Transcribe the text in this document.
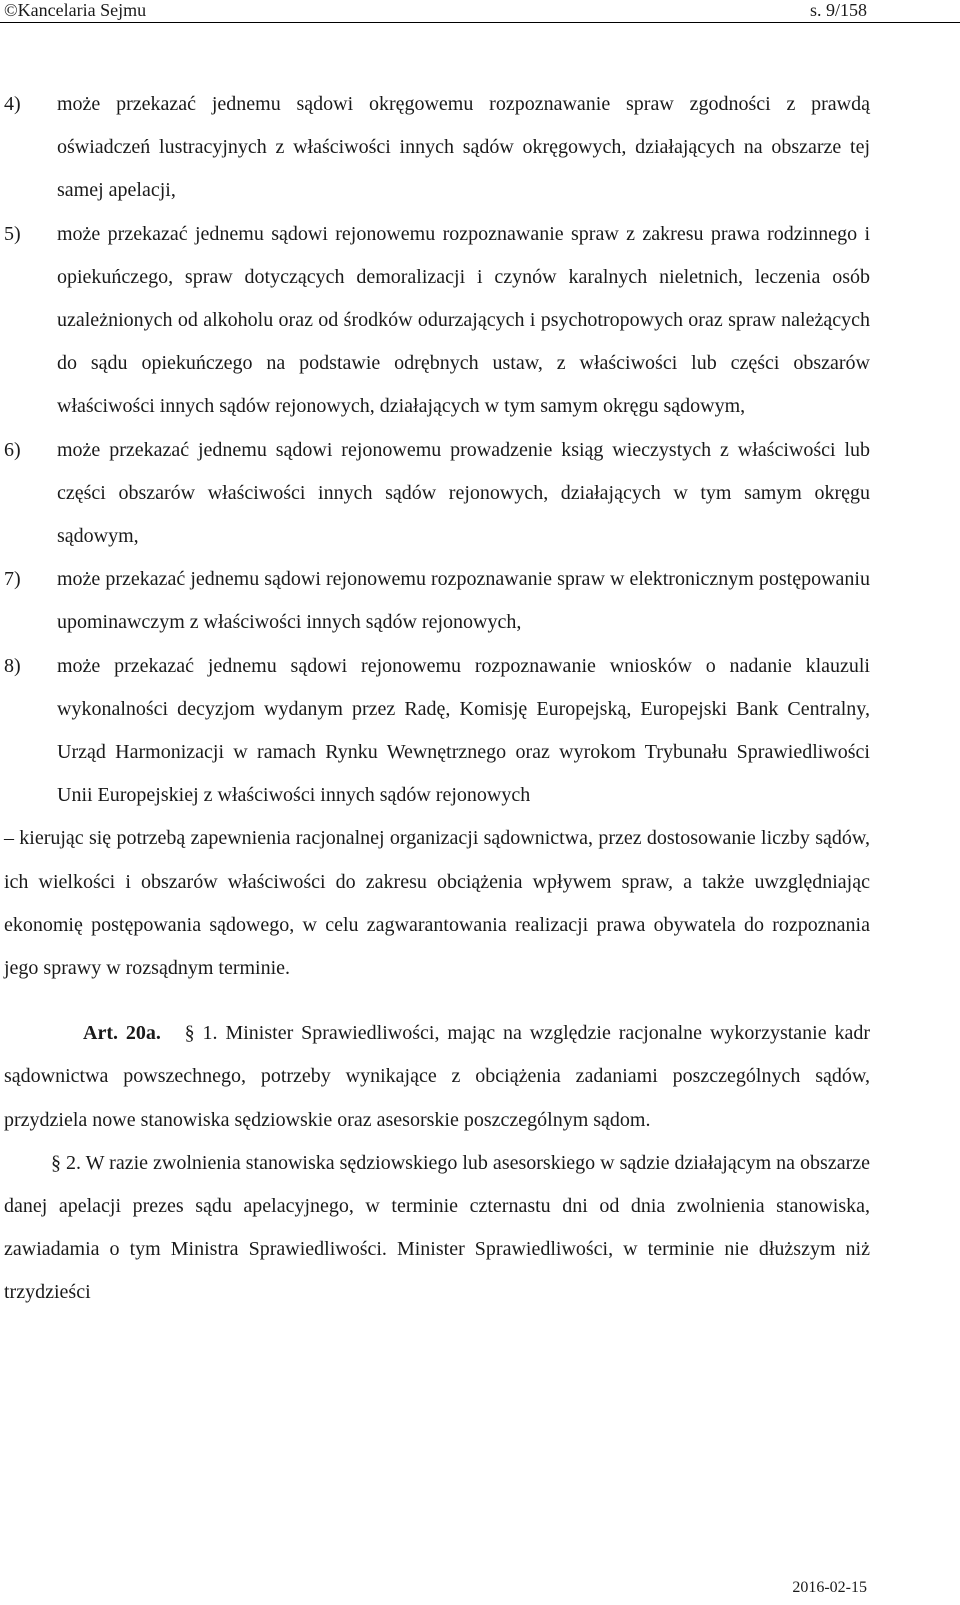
©Kancelaria Sejmu	s. 9/158

4) może przekazać jednemu sądowi okręgowemu rozpoznawanie spraw zgodności z prawdą oświadczeń lustracyjnych z właściwości innych sądów okręgowych, działających na obszarze tej samej apelacji,

5) może przekazać jednemu sądowi rejonowemu rozpoznawanie spraw z zakresu prawa rodzinnego i opiekuńczego, spraw dotyczących demoralizacji i czynów karalnych nieletnich, leczenia osób uzależnionych od alkoholu oraz od środków odurzających i psychotropowych oraz spraw należących do sądu opiekuńczego na podstawie odrębnych ustaw, z właściwości lub części obszarów właściwości innych sądów rejonowych, działających w tym samym okręgu sądowym,

6) może przekazać jednemu sądowi rejonowemu prowadzenie ksiąg wieczystych z właściwości lub części obszarów właściwości innych sądów rejonowych, działających w tym samym okręgu sądowym,

7) może przekazać jednemu sądowi rejonowemu rozpoznawanie spraw w elektronicznym postępowaniu upominawczym z właściwości innych sądów rejonowych,

8) może przekazać jednemu sądowi rejonowemu rozpoznawanie wniosków o nadanie klauzuli wykonalności decyzjom wydanym przez Radę, Komisję Europejską, Europejski Bank Centralny, Urząd Harmonizacji w ramach Rynku Wewnętrznego oraz wyrokom Trybunału Sprawiedliwości Unii Europejskiej z właściwości innych sądów rejonowych

– kierując się potrzebą zapewnienia racjonalnej organizacji sądownictwa, przez dostosowanie liczby sądów, ich wielkości i obszarów właściwości do zakresu obciążenia wpływem spraw, a także uwzględniając ekonomię postępowania sądowego, w celu zagwarantowania realizacji prawa obywatela do rozpoznania jego sprawy w rozsądnym terminie.

Art. 20a. § 1. Minister Sprawiedliwości, mając na względzie racjonalne wykorzystanie kadr sądownictwa powszechnego, potrzeby wynikające z obciążenia zadaniami poszczególnych sądów, przydziela nowe stanowiska sędziowskie oraz asesorskie poszczególnym sądom.

§ 2. W razie zwolnienia stanowiska sędziowskiego lub asesorskiego w sądzie działającym na obszarze danej apelacji prezes sądu apelacyjnego, w terminie czternastu dni od dnia zwolnienia stanowiska, zawiadamia o tym Ministra Sprawiedliwości. Minister Sprawiedliwości, w terminie nie dłuższym niż trzydzieści

2016-02-15
